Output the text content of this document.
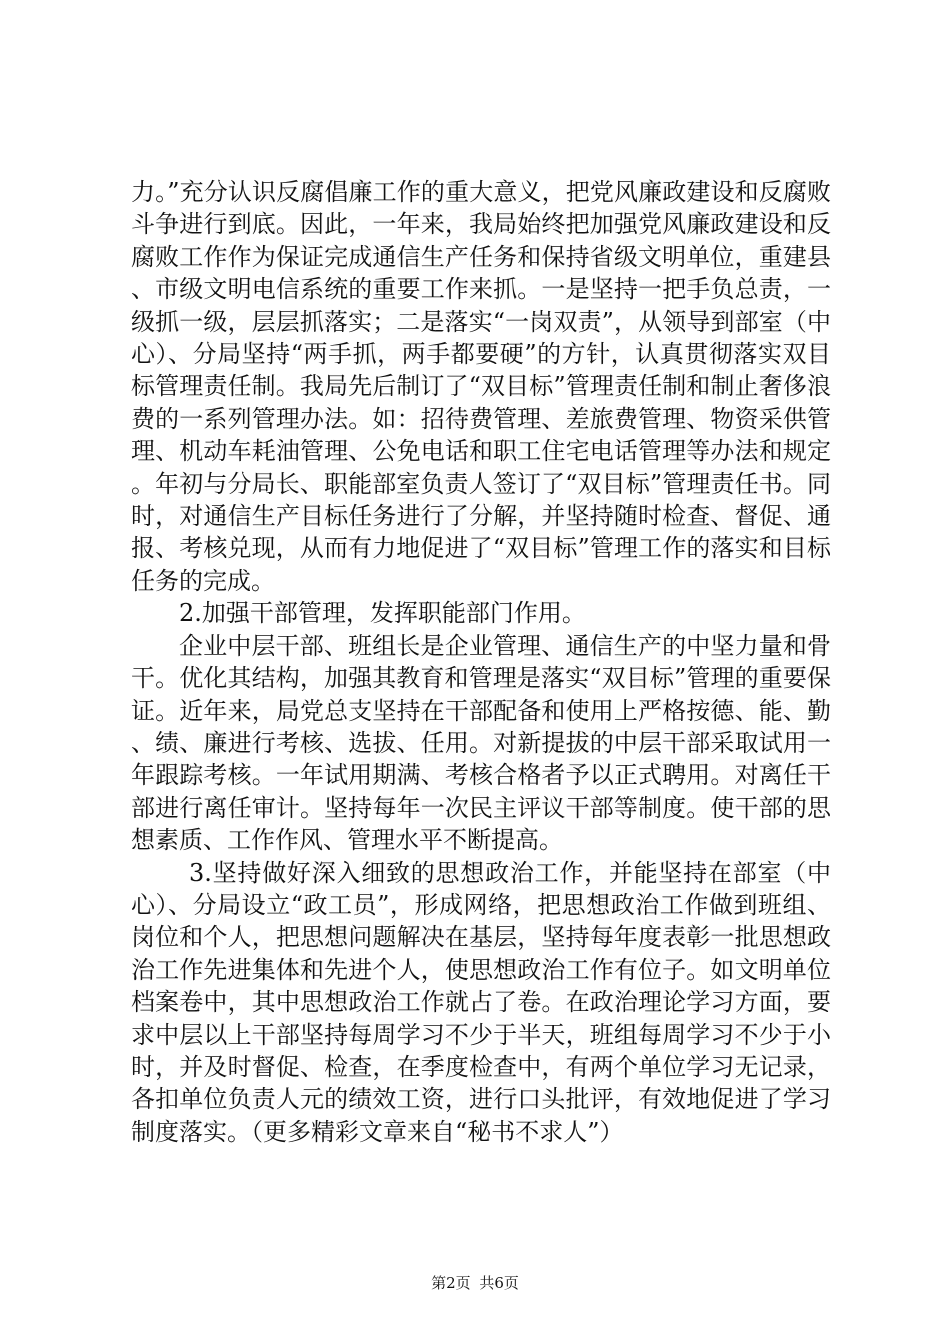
力。”充分认识反腐倡廉工作的重大意义，把党风廉政建设和反腐败斗争进行到底。因此，一年来，我局始终把加强党风廉政建设和反腐败工作作为保证完成通信生产任务和保持省级文明单位，重建县、市级文明电信系统的重要工作来抓。一是坚持一把手负总责，一级抓一级，层层抓落实；二是落实“一岗双责”，从领导到部室（中心）、分局坚持“两手抓，两手都要硬”的方针，认真贯彻落实双目标管理责任制。我局先后制订了“双目标”管理责任制和制止奢侈浪费的一系列管理办法。如：招待费管理、差旅费管理、物资采供管理、机动车耗油管理、公免电话和职工住宅电话管理等办法和规定。年初与分局长、职能部室负责人签订了“双目标”管理责任书。同时，对通信生产目标任务进行了分解，并坚持随时检查、督促、通报、考核兑现，从而有力地促进了“双目标”管理工作的落实和目标任务的完成。

2.加强干部管理，发挥职能部门作用。

企业中层干部、班组长是企业管理、通信生产的中坚力量和骨干。优化其结构，加强其教育和管理是落实“双目标”管理的重要保证。近年来，局党总支坚持在干部配备和使用上严格按德、能、勤、绩、廉进行考核、选拔、任用。对新提拔的中层干部采取试用一年跟踪考核。一年试用期满、考核合格者予以正式聘用。对离任干部进行离任审计。坚持每年一次民主评议干部等制度。使干部的思想素质、工作作风、管理水平不断提高。

3.坚持做好深入细致的思想政治工作，并能坚持在部室（中心）、分局设立“政工员”，形成网络，把思想政治工作做到班组、岗位和个人，把思想问题解决在基层，坚持每年度表彰一批思想政治工作先进集体和先进个人，使思想政治工作有位子。如文明单位档案卷中，其中思想政治工作就占了卷。在政治理论学习方面，要求中层以上干部坚持每周学习不少于半天，班组每周学习不少于小时，并及时督促、检查，在季度检查中，有两个单位学习无记录，各扣单位负责人元的绩效工资，进行口头批评，有效地促进了学习制度落实。（更多精彩文章来自“秘书不求人”）

第2页 共6页
